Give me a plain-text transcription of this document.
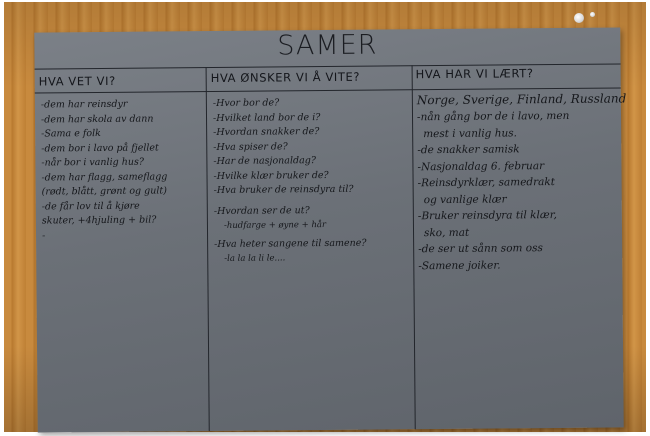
SAMER
HVA VET VI?	HVA ØNSKER VI Å VITE?	HVA HAR VI LÆRT?
-dem har reinsdyr
-dem har skola av dann
-Sama e folk
-dem bor i lavo på fjellet
-når bor i vanlig hus?
-dem har flagg, sameflagg
(rødt, blått, grønt og gult)
-de får lov til å kjøre
skuter, +4hjuling + bil?
-
-Hvor bor de?
-Hvilket land bor de i?
-Hvordan snakker de?
-Hva spiser de?
-Har de nasjonaldag?
-Hvilke klær bruker de?
-Hva bruker de reinsdyra til?
-Hvordan ser de ut?
-hudfarge + øyne + hår
-Hva heter sangene til samene?
-la la la li le....
Norge, Sverige, Finland, Russland
-nån gång bor de i lavo, men
mest i vanlig hus.
-de snakker samisk
-Nasjonaldag 6. februar
-Reinsdyrklær, samedrakt
og vanlige klær
-Bruker reinsdyra til klær,
sko, mat
-de ser ut sånn som oss
-Samene joiker.
